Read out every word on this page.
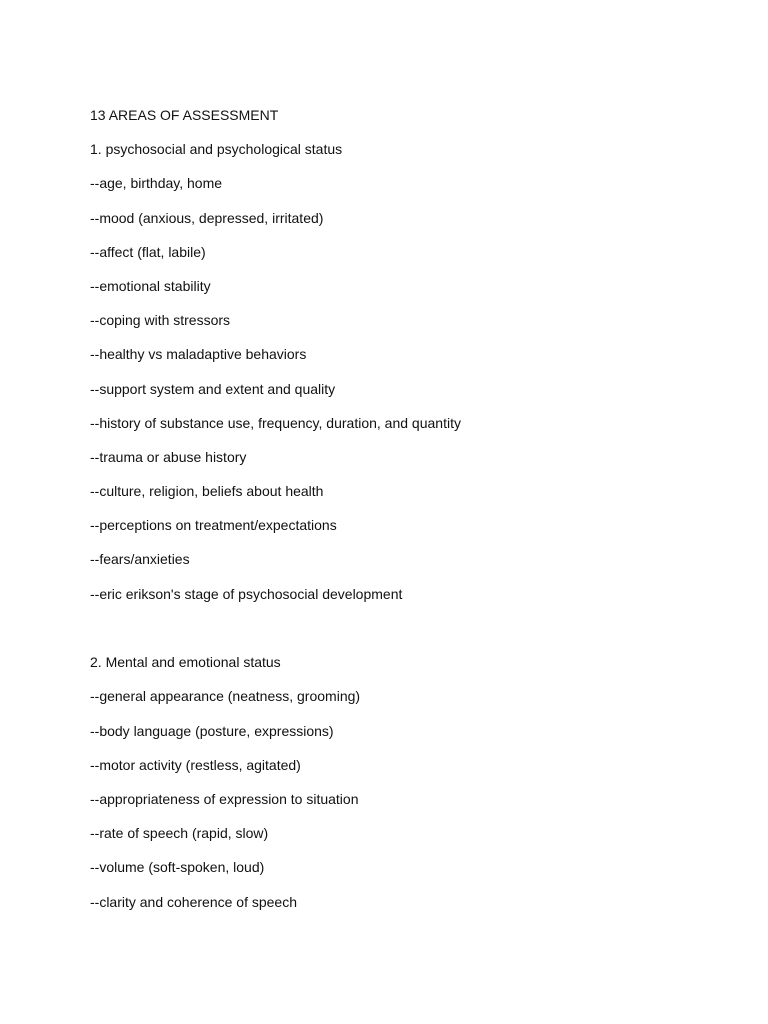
13 AREAS OF ASSESSMENT
1. psychosocial and psychological status
--age, birthday, home
--mood (anxious, depressed, irritated)
--affect (flat, labile)
--emotional stability
--coping with stressors
--healthy vs maladaptive behaviors
--support system and extent and quality
--history of substance use, frequency, duration, and quantity
--trauma or abuse history
--culture, religion, beliefs about health
--perceptions on treatment/expectations
--fears/anxieties
--eric erikson's stage of psychosocial development
2. Mental and emotional status
--general appearance (neatness, grooming)
--body language (posture, expressions)
--motor activity (restless, agitated)
--appropriateness of expression to situation
--rate of speech (rapid, slow)
--volume (soft-spoken, loud)
--clarity and coherence of speech
